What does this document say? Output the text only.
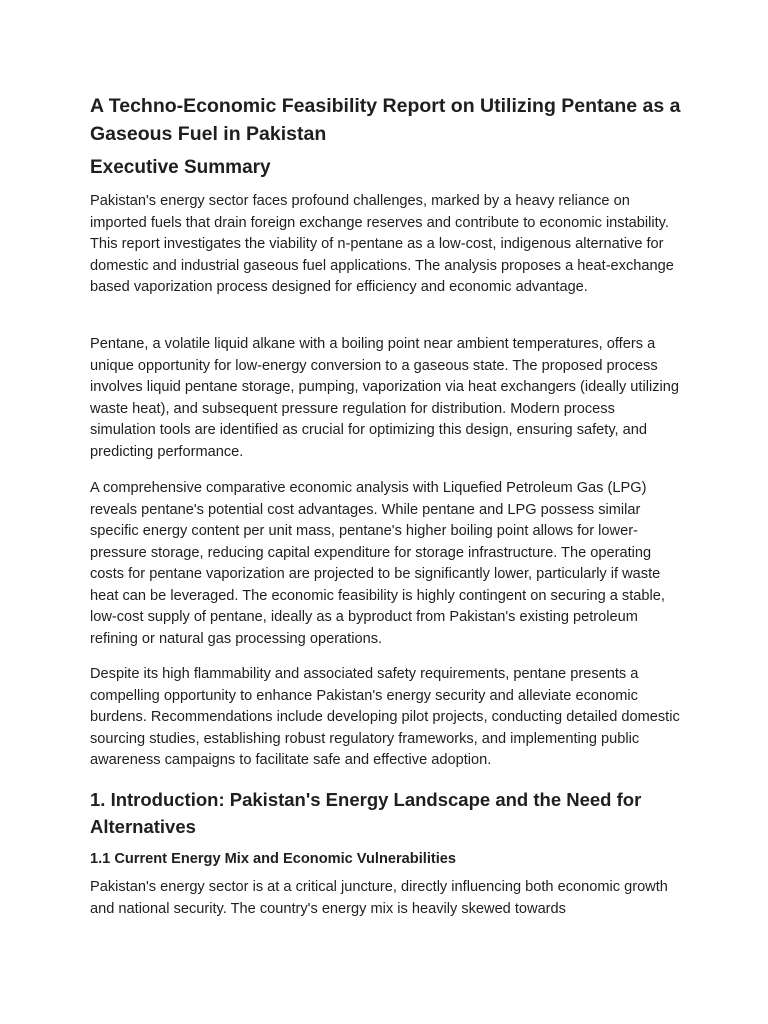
A Techno-Economic Feasibility Report on Utilizing Pentane as a Gaseous Fuel in Pakistan
Executive Summary

Pakistan's energy sector faces profound challenges, marked by a heavy reliance on imported fuels that drain foreign exchange reserves and contribute to economic instability. This report investigates the viability of n-pentane as a low-cost, indigenous alternative for domestic and industrial gaseous fuel applications. The analysis proposes a heat-exchange based vaporization process designed for efficiency and economic advantage.

Pentane, a volatile liquid alkane with a boiling point near ambient temperatures, offers a unique opportunity for low-energy conversion to a gaseous state. The proposed process involves liquid pentane storage, pumping, vaporization via heat exchangers (ideally utilizing waste heat), and subsequent pressure regulation for distribution. Modern process simulation tools are identified as crucial for optimizing this design, ensuring safety, and predicting performance.

A comprehensive comparative economic analysis with Liquefied Petroleum Gas (LPG) reveals pentane's potential cost advantages. While pentane and LPG possess similar specific energy content per unit mass, pentane's higher boiling point allows for lower-pressure storage, reducing capital expenditure for storage infrastructure. The operating costs for pentane vaporization are projected to be significantly lower, particularly if waste heat can be leveraged. The economic feasibility is highly contingent on securing a stable, low-cost supply of pentane, ideally as a byproduct from Pakistan's existing petroleum refining or natural gas processing operations.

Despite its high flammability and associated safety requirements, pentane presents a compelling opportunity to enhance Pakistan's energy security and alleviate economic burdens. Recommendations include developing pilot projects, conducting detailed domestic sourcing studies, establishing robust regulatory frameworks, and implementing public awareness campaigns to facilitate safe and effective adoption.

1. Introduction: Pakistan's Energy Landscape and the Need for Alternatives
1.1 Current Energy Mix and Economic Vulnerabilities

Pakistan's energy sector is at a critical juncture, directly influencing both economic growth and national security. The country's energy mix is heavily skewed towards
